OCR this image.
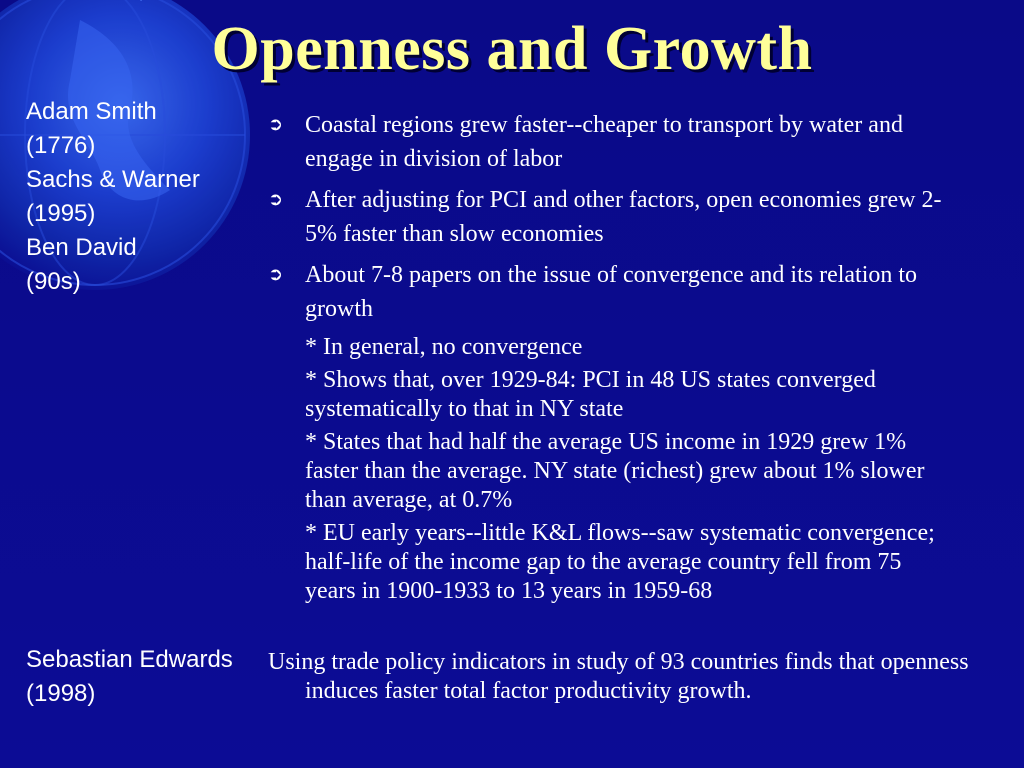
Openness and Growth
Adam Smith
(1776)
Sachs & Warner
(1995)
Ben David
(90s)
Sebastian Edwards
(1998)
➲ Coastal regions grew faster--cheaper to transport by water and engage in division of labor
➲ After adjusting for PCI and other factors, open economies grew 2-5% faster than slow economies
➲ About 7-8 papers on the issue of convergence and its relation to growth
* In general, no convergence
* Shows that, over 1929-84: PCI in 48 US states converged systematically to that in NY state
* States that had half the average US income in 1929 grew 1% faster than the average. NY state (richest) grew about 1% slower than average, at 0.7%
* EU early years--little K&L flows--saw systematic convergence; half-life of the income gap to the average country fell from 75 years in 1900-1933 to 13 years in 1959-68
Using trade policy indicators in study of 93 countries finds that openness induces faster total factor productivity growth.
